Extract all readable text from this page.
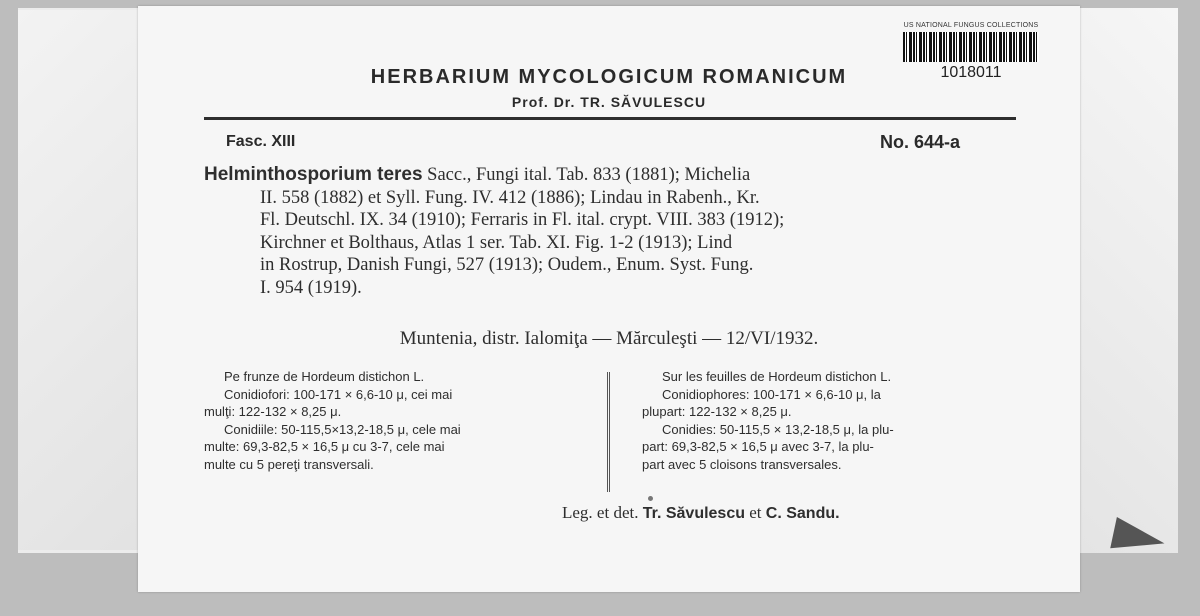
US NATIONAL FUNGUS COLLECTIONS
1018011
HERBARIUM MYCOLOGICUM ROMANICUM
Prof. Dr. TR. SĂVULESCU
Fasc. XIII	No. 644-a
Helminthosporium teres Sacc., Fungi ital. Tab. 833 (1881); Michelia
II. 558 (1882) et Syll. Fung. IV. 412 (1886); Lindau in Rabenh., Kr.
Fl. Deutschl. IX. 34 (1910); Ferraris in Fl. ital. crypt. VIII. 383 (1912);
Kirchner et Bolthaus, Atlas 1 ser. Tab. XI. Fig. 1-2 (1913); Lind
in Rostrup, Danish Fungi, 527 (1913); Oudem., Enum. Syst. Fung.
I. 954 (1919).
Muntenia, distr. Ialomiţa — Mărculeşti — 12/VI/1932.
Pe frunze de Hordeum distichon L.
Conidiofori: 100-171 × 6,6-10 μ, cei mai
mulţi: 122-132 × 8,25 μ.
Conidiile: 50-115,5×13,2-18,5 μ, cele mai
multe: 69,3-82,5 × 16,5 μ cu 3-7, cele mai
multe cu 5 pereţi transversali.
Sur les feuilles de Hordeum distichon L.
Conidiophores: 100-171 × 6,6-10 μ, la
plupart: 122-132 × 8,25 μ.
Conidies: 50-115,5 × 13,2-18,5 μ, la plu-
part: 69,3-82,5 × 16,5 μ avec 3-7, la plu-
part avec 5 cloisons transversales.
Leg. et det. Tr. Săvulescu et C. Sandu.
